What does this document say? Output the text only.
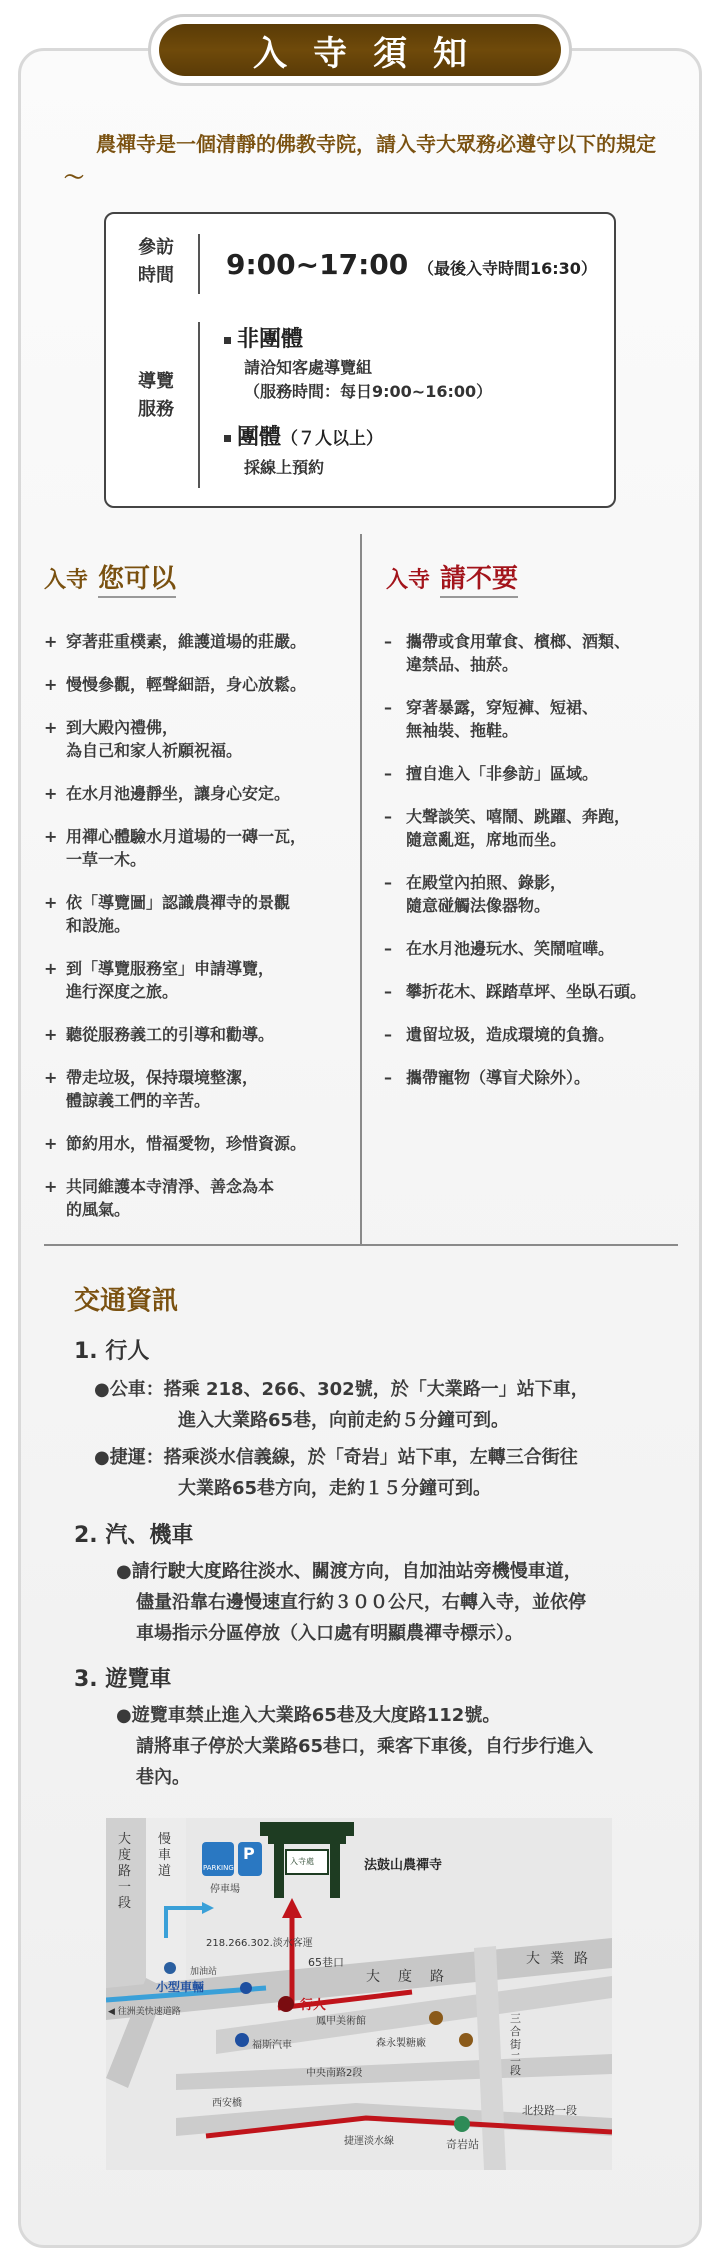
入寺須知
農禪寺是一個清靜的佛教寺院，請入寺大眾務必遵守以下的規定～
參訪
時間	9:00~17:00 （最後入寺時間16:30）
導覽
服務
非團體
請洽知客處導覽組
（服務時間：每日9:00~16:00）
團體（７人以上）
採線上預約
入寺 您可以	入寺 請不要
+ 穿著莊重樸素，維護道場的莊嚴。
+ 慢慢參觀，輕聲細語，身心放鬆。
+ 到大殿內禮佛，
為自己和家人祈願祝福。
+ 在水月池邊靜坐，讓身心安定。
+ 用禪心體驗水月道場的一磚一瓦，
一草一木。
+ 依「導覽圖」認識農禪寺的景觀
和設施。
+ 到「導覽服務室」申請導覽，
進行深度之旅。
+ 聽從服務義工的引導和勸導。
+ 帶走垃圾，保持環境整潔，
體諒義工們的辛苦。
+ 節約用水，惜福愛物，珍惜資源。
+ 共同維護本寺清淨、善念為本
的風氣。
– 攜帶或食用葷食、檳榔、酒類、
違禁品、抽菸。
– 穿著暴露，穿短褲、短裙、
無袖裝、拖鞋。
– 擅自進入「非參訪」區域。
– 大聲談笑、嘻鬧、跳躍、奔跑，
隨意亂逛，席地而坐。
– 在殿堂內拍照、錄影，
隨意碰觸法像器物。
– 在水月池邊玩水、笑鬧喧嘩。
– 攀折花木、踩踏草坪、坐臥石頭。
– 遺留垃圾，造成環境的負擔。
– 攜帶寵物（導盲犬除外）。
交通資訊
1. 行人
●公車：搭乘 218、266、302號，於「大業路一」站下車，
進入大業路65巷，向前走約５分鐘可到。
●捷運：搭乘淡水信義線，於「奇岩」站下車，左轉三合街往
大業路65巷方向，走約１５分鐘可到。
2. 汽、機車
●請行駛大度路往淡水、關渡方向，自加油站旁機慢車道，
儘量沿靠右邊慢速直行約３００公尺，右轉入寺，並依停
車場指示分區停放（入口處有明顯農禪寺標示）。
3. 遊覽車
●遊覽車禁止進入大業路65巷及大度路112號。
請將車子停於大業路65巷口，乘客下車後，自行步行進入
巷內。
大度路一段
慢車道	PARKING
P
停車場
入寺處	法鼓山農禪寺
218.266.302.淡水客運
加油站
65巷口
小型車輛
◀ 往洲美快速道路
大度路
大業路
行人
鳳甲美術館
福斯汽車	森永製糖廠
三合街二段
中央南路2段
西安橋
北投路一段
捷運淡水線	奇岩站
